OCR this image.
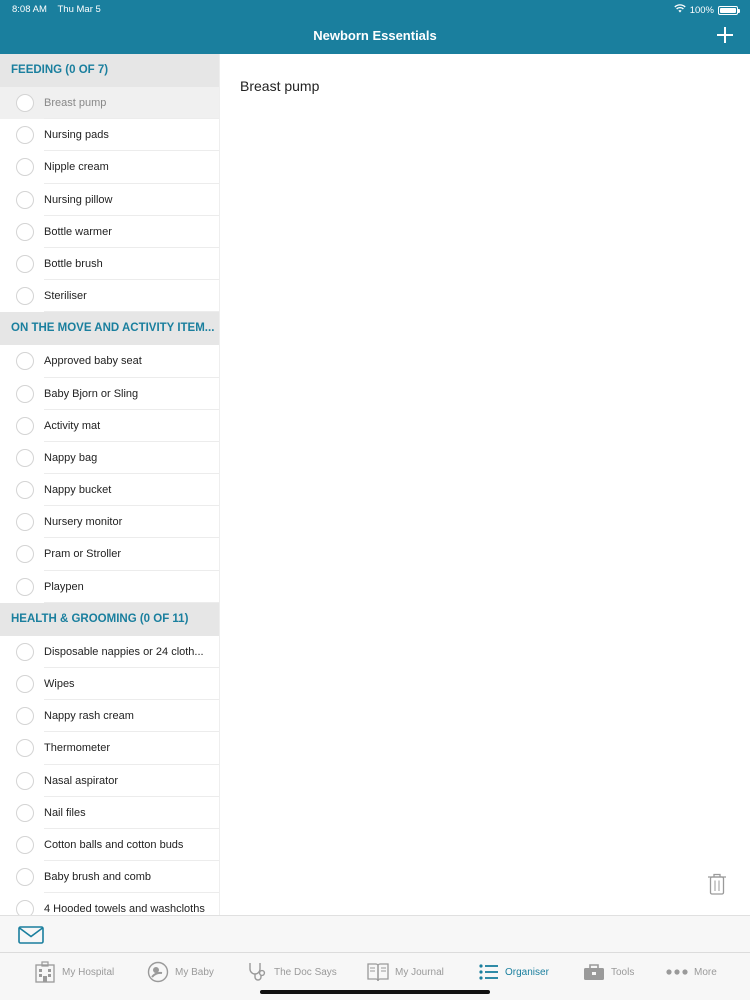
8:08 AM Thu Mar 5	100%
Newborn Essentials
FEEDING (0 OF 7)
Breast pump
Nursing pads
Nipple cream
Nursing pillow
Bottle warmer
Bottle brush
Steriliser
ON THE MOVE AND ACTIVITY ITEM...
Approved baby seat
Baby Bjorn or Sling
Activity mat
Nappy bag
Nappy bucket
Nursery monitor
Pram or Stroller
Playpen
HEALTH & GROOMING (0 OF 11)
Disposable nappies or 24 cloth...
Wipes
Nappy rash cream
Thermometer
Nasal aspirator
Nail files
Cotton balls and cotton buds
Baby brush and comb
4 Hooded towels and washcloths
Breast pump
My Hospital	My Baby	The Doc Says	My Journal	Organiser	Tools	More
